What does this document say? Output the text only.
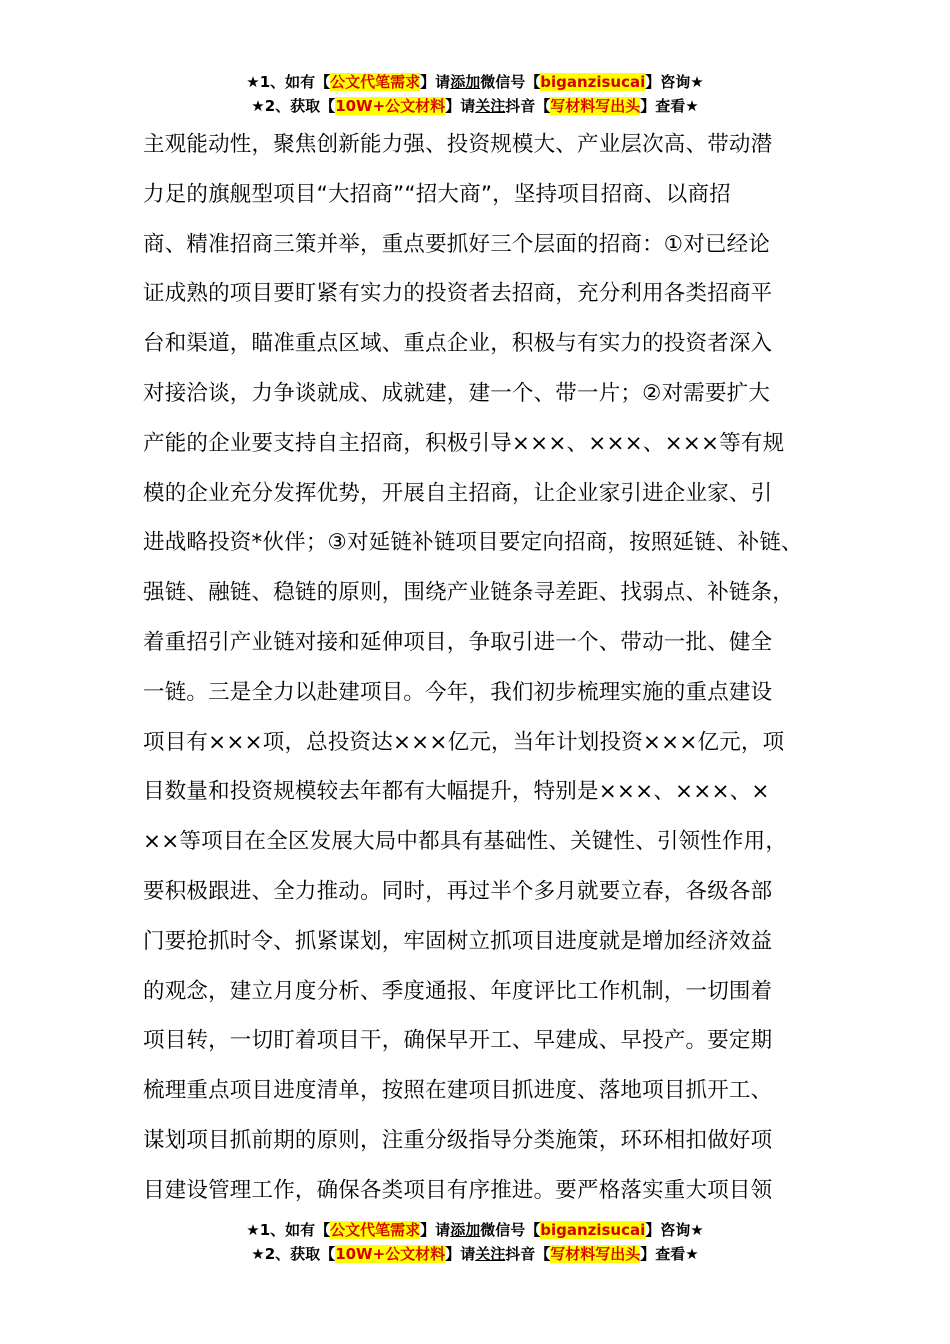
★1、如有【公文代笔需求】请添加微信号【biganzisucai】咨询★
★2、获取【10W+公文材料】请关注抖音【写材料写出头】查看★
主观能动性，聚焦创新能力强、投资规模大、产业层次高、带动潜
力足的旗舰型项目“大招商”“招大商”，坚持项目招商、以商招
商、精准招商三策并举，重点要抓好三个层面的招商：①对已经论
证成熟的项目要盯紧有实力的投资者去招商，充分利用各类招商平
台和渠道，瞄准重点区域、重点企业，积极与有实力的投资者深入
对接洽谈，力争谈就成、成就建，建一个、带一片；②对需要扩大
产能的企业要支持自主招商，积极引导×××、×××、×××等有规
模的企业充分发挥优势，开展自主招商，让企业家引进企业家、引
进战略投资*伙伴；③对延链补链项目要定向招商，按照延链、补链、
强链、融链、稳链的原则，围绕产业链条寻差距、找弱点、补链条，
着重招引产业链对接和延伸项目，争取引进一个、带动一批、健全
一链。三是全力以赴建项目。今年，我们初步梳理实施的重点建设
项目有×××项，总投资达×××亿元，当年计划投资×××亿元，项
目数量和投资规模较去年都有大幅提升，特别是×××、×××、×
××等项目在全区发展大局中都具有基础性、关键性、引领性作用，
要积极跟进、全力推动。同时，再过半个多月就要立春，各级各部
门要抢抓时令、抓紧谋划，牢固树立抓项目进度就是增加经济效益
的观念，建立月度分析、季度通报、年度评比工作机制，一切围着
项目转，一切盯着项目干，确保早开工、早建成、早投产。要定期
梳理重点项目进度清单，按照在建项目抓进度、落地项目抓开工、
谋划项目抓前期的原则，注重分级指导分类施策，环环相扣做好项
目建设管理工作，确保各类项目有序推进。要严格落实重大项目领
★1、如有【公文代笔需求】请添加微信号【biganzisucai】咨询★
★2、获取【10W+公文材料】请关注抖音【写材料写出头】查看★
